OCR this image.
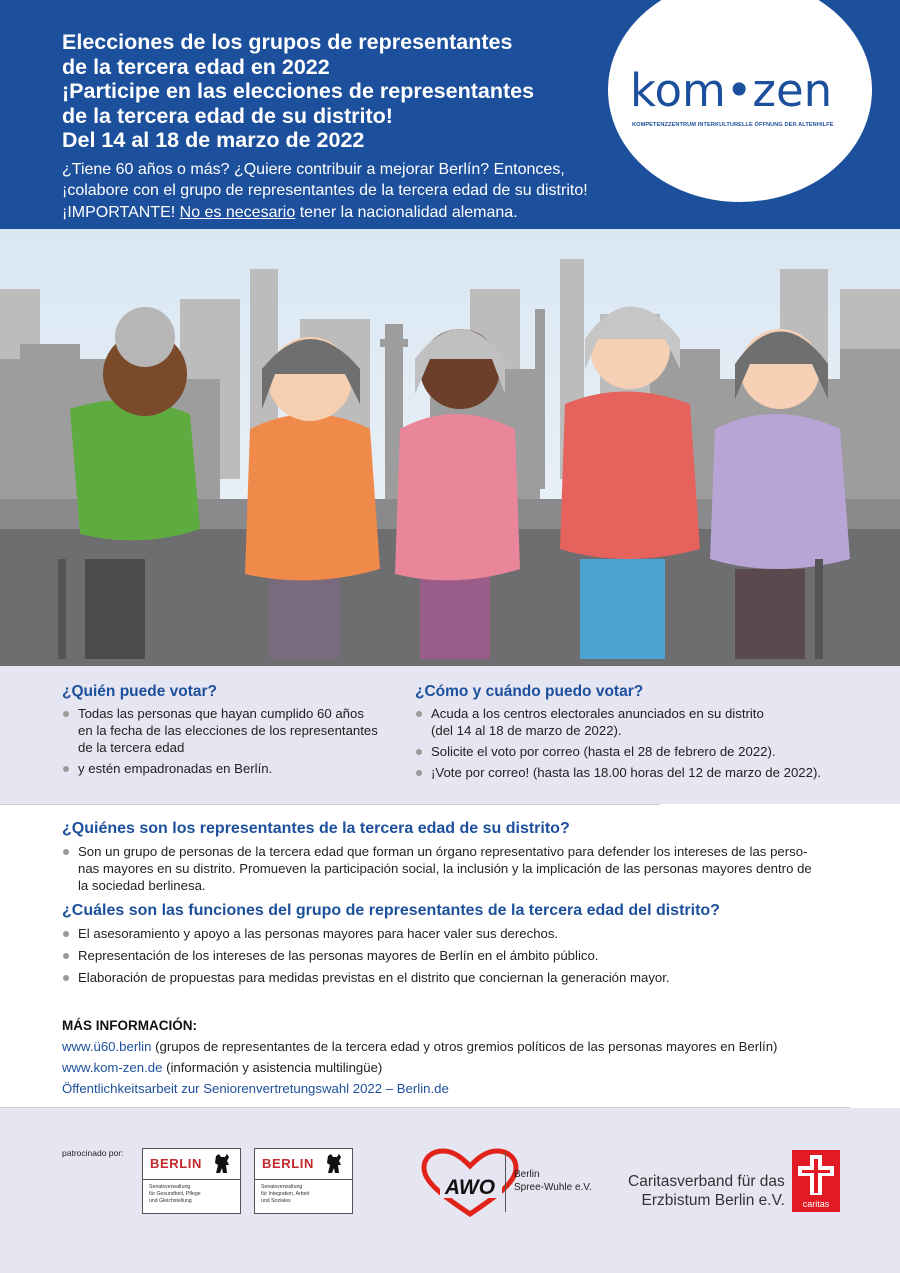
Elecciones de los grupos de representantes
de la tercera edad en 2022
¡Participe en las elecciones de representantes
de la tercera edad de su distrito!
Del 14 al 18 de marzo de 2022
¿Tiene 60 años o más? ¿Quiere contribuir a mejorar Berlín? Entonces,
¡colabore con el grupo de representantes de la tercera edad de su distrito!
¡IMPORTANTE! No es necesario tener la nacionalidad alemana.
kom•zen
KOMPETENZZENTRUM INTERKULTURELLE ÖFFNUNG DER ALTENHILFE
¿Quién puede votar?
Todas las personas que hayan cumplido 60 años
en la fecha de las elecciones de los representantes
de la tercera edad
y estén empadronadas en Berlín.
¿Cómo y cuándo puedo votar?
Acuda a los centros electorales anunciados en su distrito
(del 14 al 18 de marzo de 2022).
Solicite el voto por correo (hasta el 28 de febrero de 2022).
¡Vote por correo! (hasta las 18.00 horas del 12 de marzo de 2022).
¿Quiénes son los representantes de la tercera edad de su distrito?
Son un grupo de personas de la tercera edad que forman un órgano representativo para defender los intereses de las perso-
nas mayores en su distrito. Promueven la participación social, la inclusión y la implicación de las personas mayores dentro de
la sociedad berlinesa.
¿Cuáles son las funciones del grupo de representantes de la tercera edad del distrito?
El asesoramiento y apoyo a las personas mayores para hacer valer sus derechos.
Representación de los intereses de las personas mayores de Berlín en el ámbito público.
Elaboración de propuestas para medidas previstas en el distrito que conciernan la generación mayor.
MÁS INFORMACIÓN:
www.ü60.berlin (grupos de representantes de la tercera edad y otros gremios políticos de las personas mayores en Berlín)
www.kom-zen.de (información y asistencia multilingüe)
Öffentlichkeitsarbeit zur Seniorenvertretungswahl 2022 – Berlin.de
patrocinado por:
BERLIN
Senatsverwaltung
für Gesundheit, Pflege
und Gleichstellung
BERLIN
Senatsverwaltung
für Integration, Arbeit
und Soziales
AWO
Berlin
Spree-Wuhle e.V. Caritasverband für das
Erzbistum Berlin e.V.	caritas
